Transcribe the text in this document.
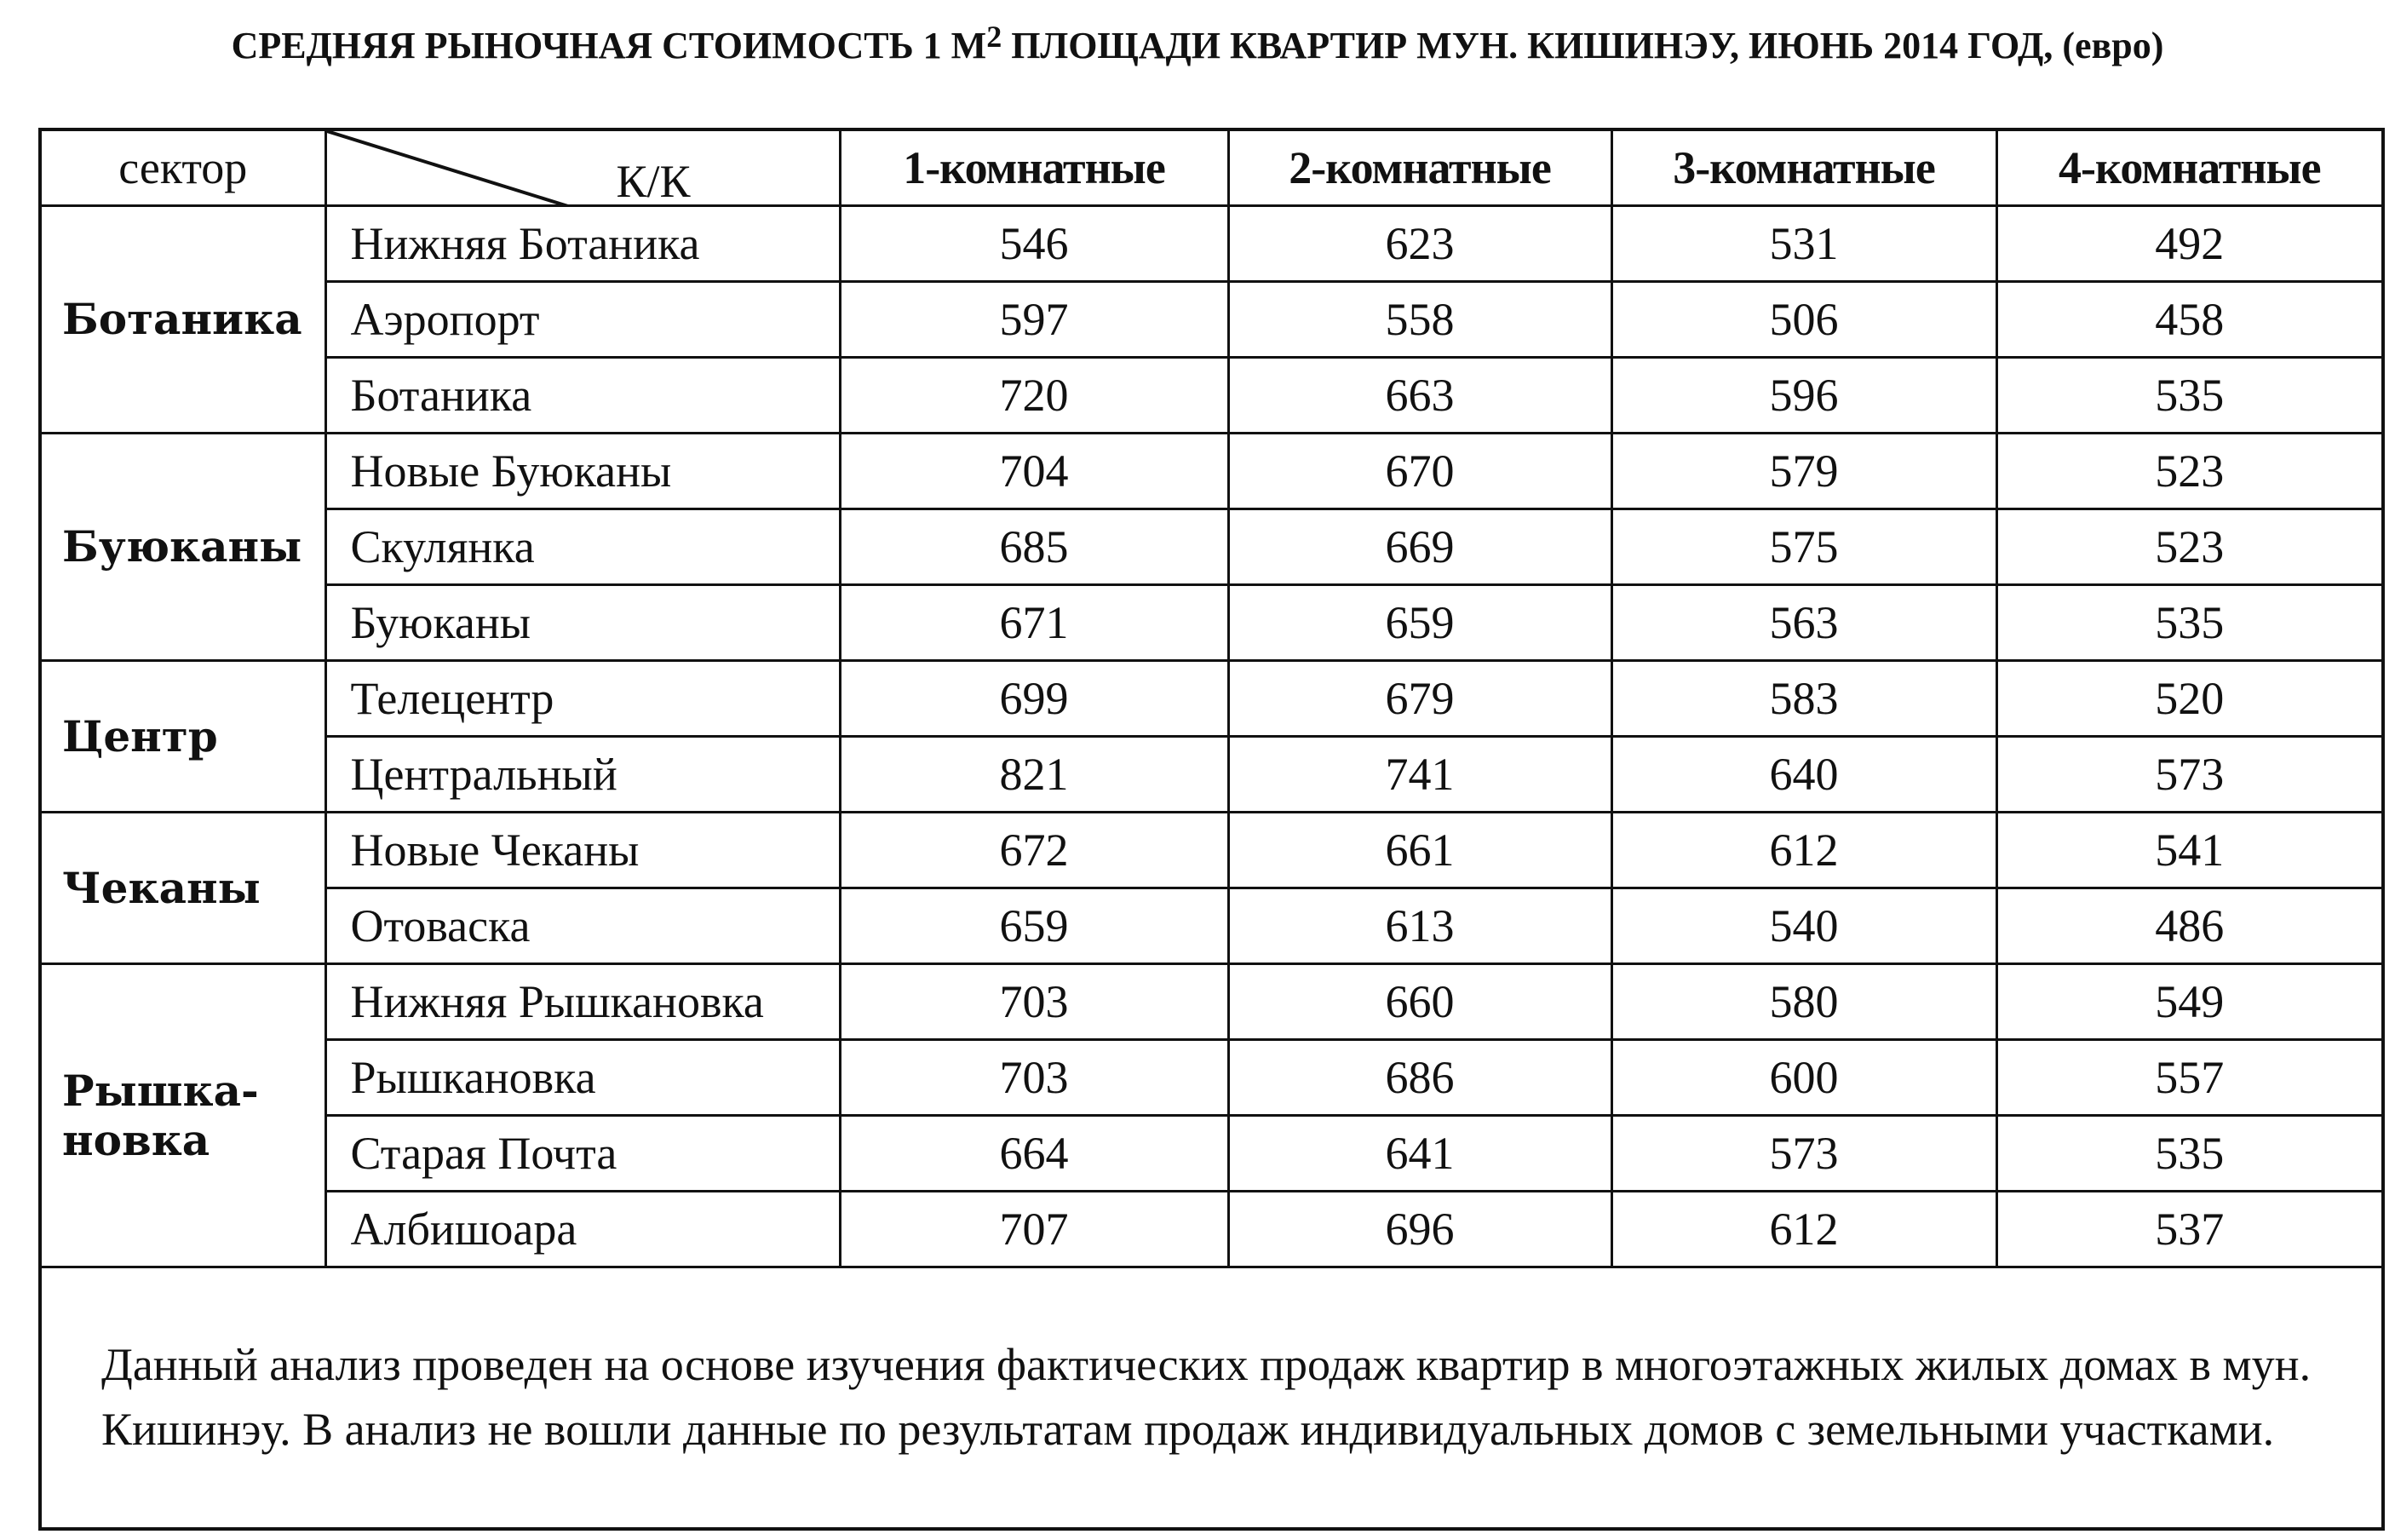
СРЕДНЯЯ РЫНОЧНАЯ СТОИМОСТЬ 1 $М^2$ ПЛОЩАДИ КВАРТИР МУН. КИШИНЭУ, ИЮНЬ 2014 ГОД, (евро)
сектор	К/К	1-комнатные	2-комнатные	3-комнатные	4-комнатные
Ботаника	Нижняя Ботаника	546	623	531	492
	Аэропорт	597	558	506	458
	Ботаника	720	663	596	535
Буюканы	Новые Буюканы	704	670	579	523
	Скулянка	685	669	575	523
	Буюканы	671	659	563	535
Центр	Телецентр	699	679	583	520
	Центральный	821	741	640	573
Чеканы	Новые Чеканы	672	661	612	541
	Отоваска	659	613	540	486
Рышка- новка	Нижняя Рышкановка	703	660	580	549
	Рышкановка	703	686	600	557
	Старая Почта	664	641	573	535
	Албишоара	707	696	612	537
Данный анализ проведен на основе изучения фактических продаж квартир в многоэтажных жилых домах в мун. Кишинэу. В анализ не вошли данные по результатам продаж индивидуальных домов с земельными участками.
